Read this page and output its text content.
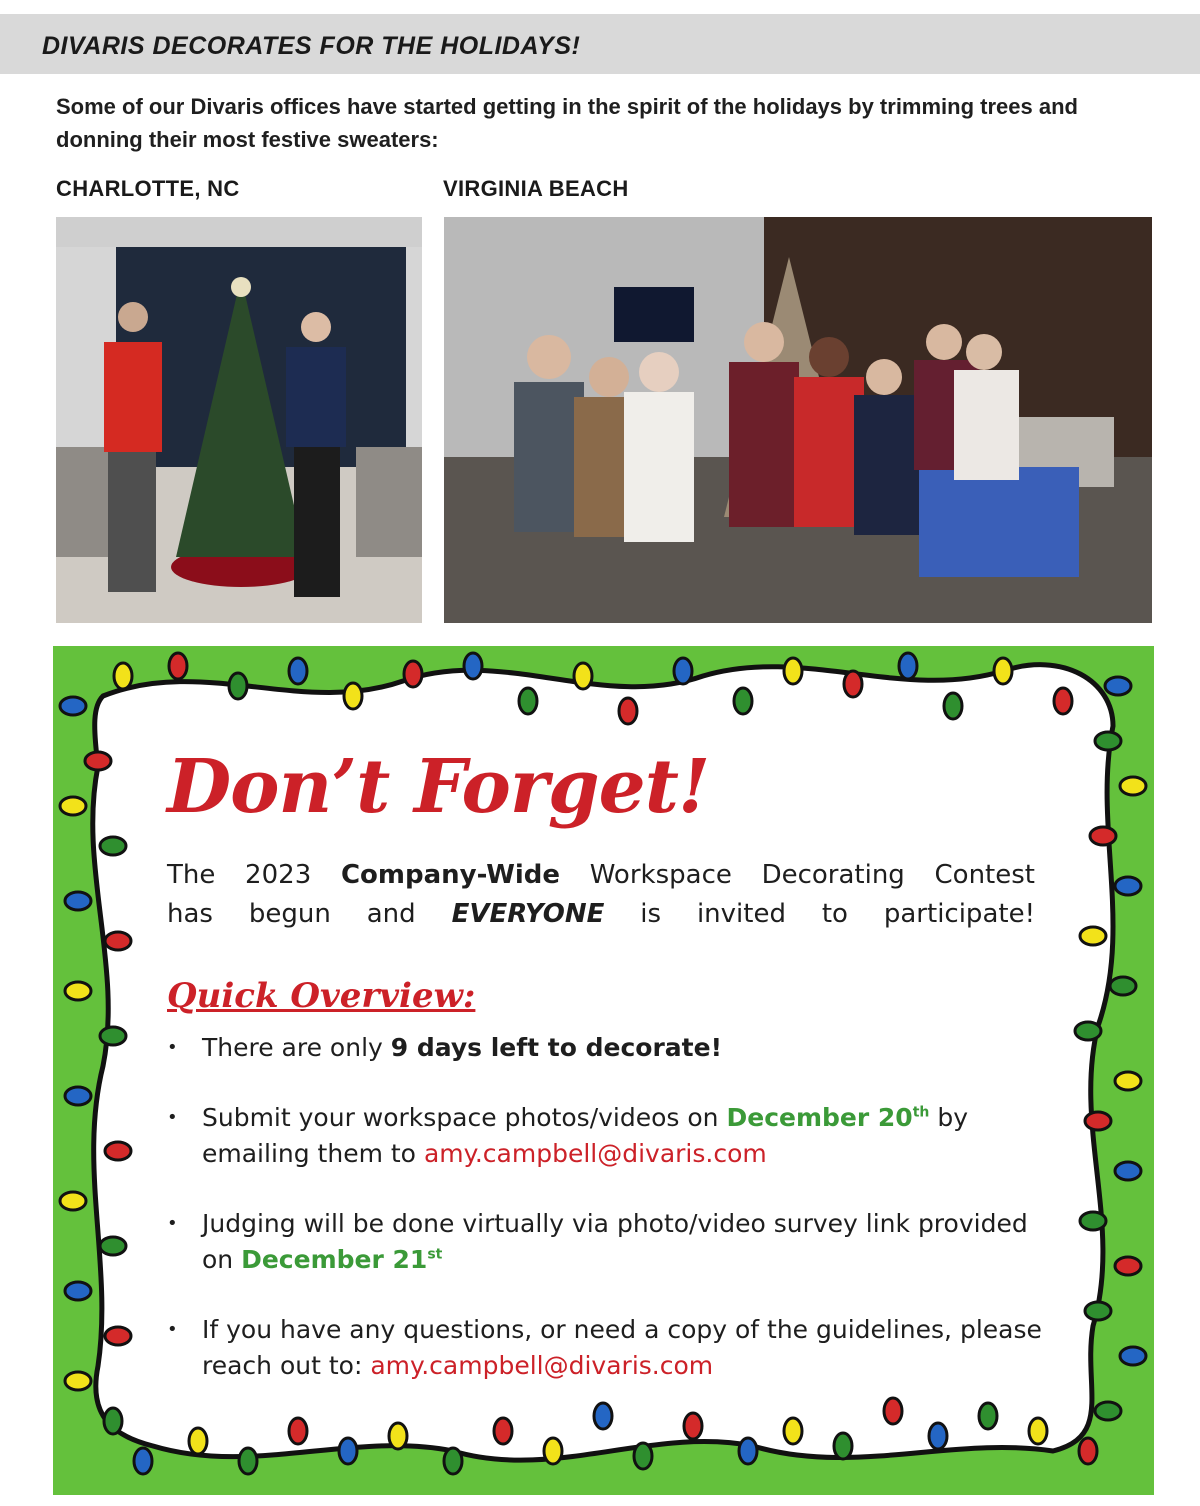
DIVARIS DECORATES FOR THE HOLIDAYS!
Some of our Divaris offices have started getting in the spirit of the holidays by trimming trees and donning their most festive sweaters:
CHARLOTTE, NC	VIRGINIA BEACH
Don’t Forget!
The 2023 Company-Wide Workspace Decorating Contest
has begun and EVERYONE is invited to participate!
Quick Overview:
• There are only 9 days left to decorate!
• Submit your workspace photos/videos on December 20th by emailing them to amy.campbell@divaris.com
• Judging will be done virtually via photo/video survey link provided on December 21st
• If you have any questions, or need a copy of the guidelines, please reach out to: amy.campbell@divaris.com
